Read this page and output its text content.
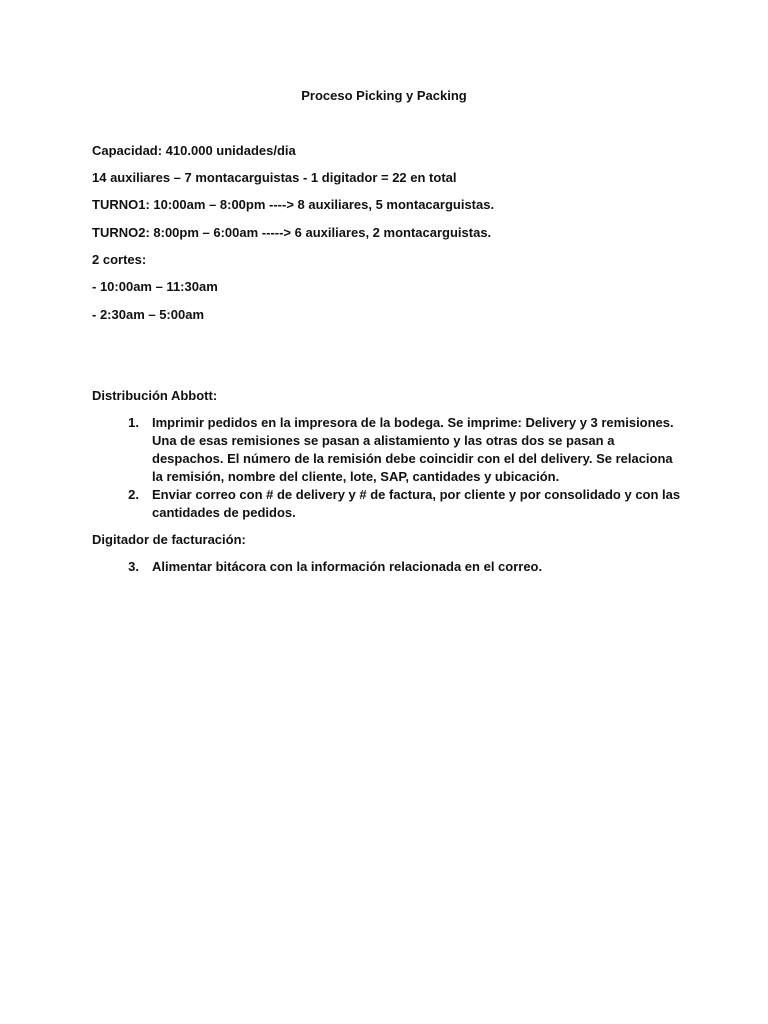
Proceso Picking y Packing
Capacidad: 410.000 unidades/dia
14 auxiliares – 7 montacarguistas - 1 digitador = 22 en total
TURNO1: 10:00am – 8:00pm ----> 8 auxiliares, 5 montacarguistas.
TURNO2: 8:00pm – 6:00am -----> 6 auxiliares, 2 montacarguistas.
2 cortes:
- 10:00am – 11:30am
- 2:30am – 5:00am
Distribución Abbott:
1.	Imprimir pedidos en la impresora de la bodega. Se imprime: Delivery y 3 remisiones. Una de esas remisiones se pasan a alistamiento y las otras dos se pasan a despachos. El número de la remisión debe coincidir con el del delivery. Se relaciona la remisión, nombre del cliente, lote, SAP, cantidades y ubicación.
2.	Enviar correo con # de delivery y # de factura, por cliente y por consolidado y con las cantidades de pedidos.
Digitador de facturación:
3.	Alimentar bitácora con la información relacionada en el correo.
